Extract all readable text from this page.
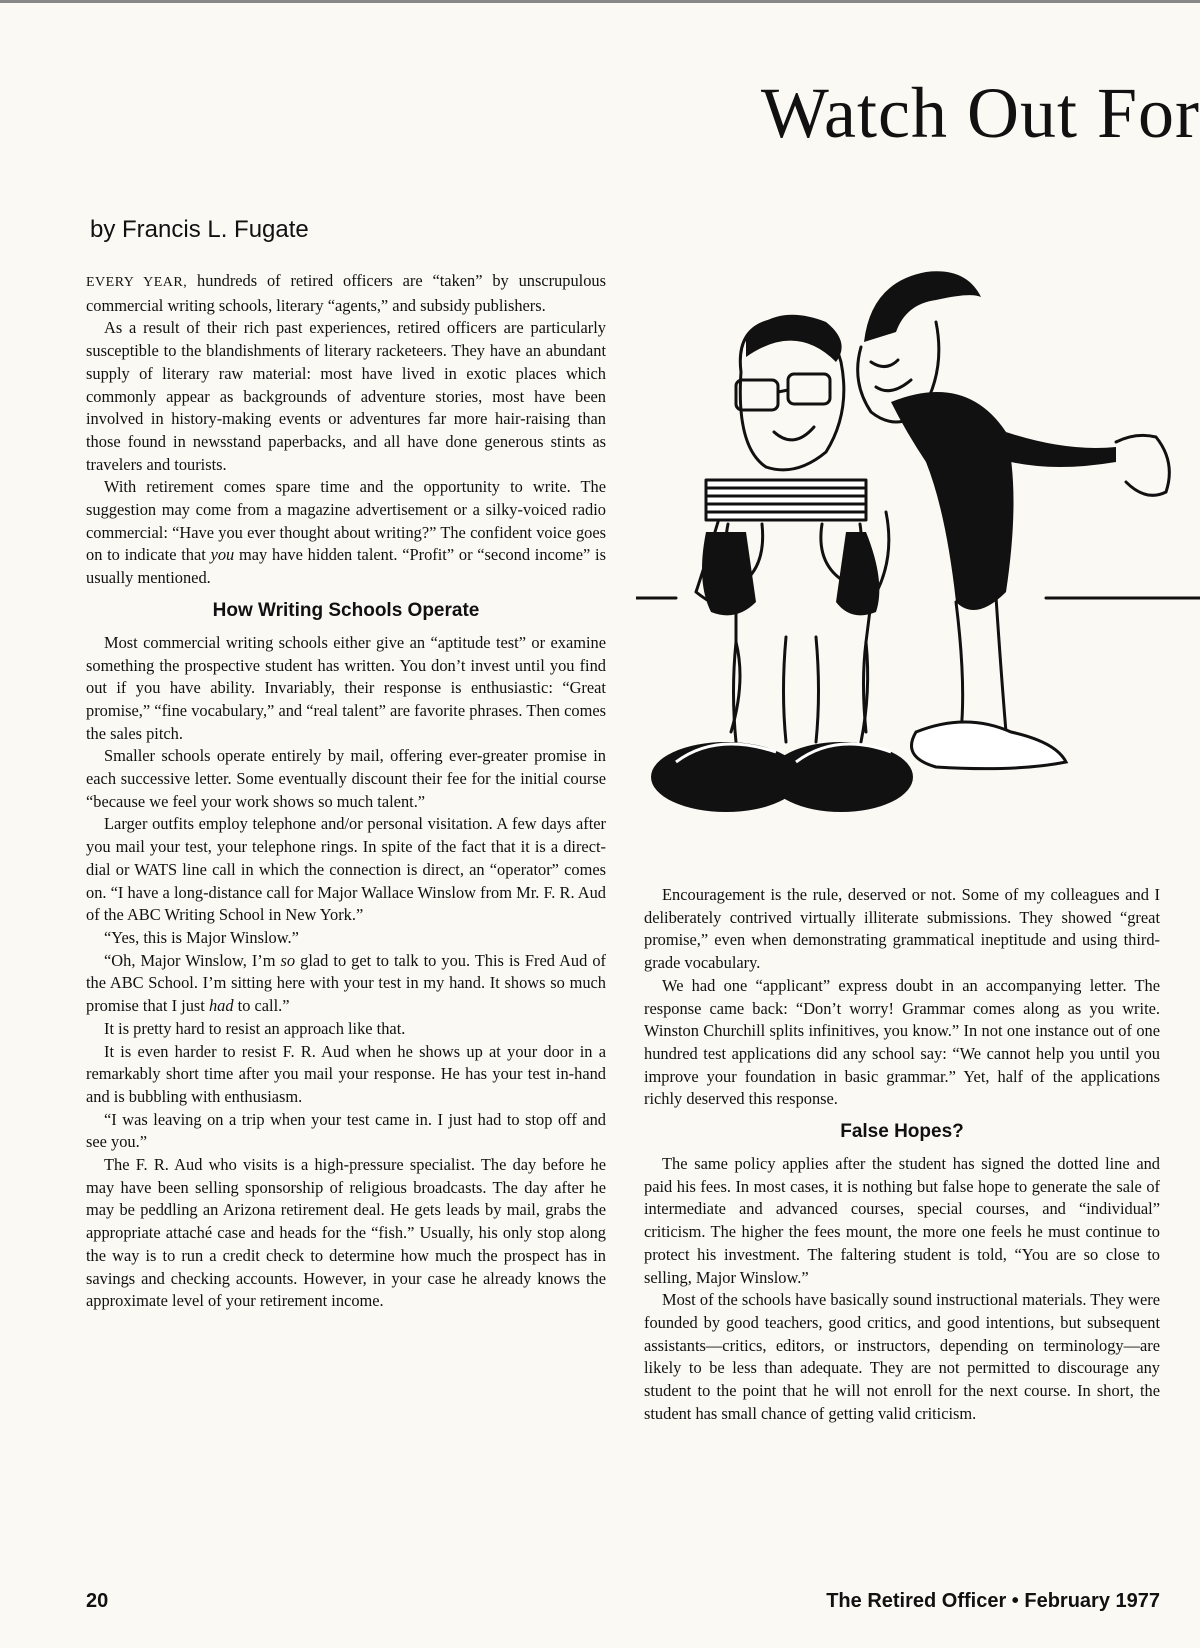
Watch Out For
by Francis L. Fugate

EVERY YEAR, hundreds of retired officers are “taken” by unscrupulous commercial writing schools, literary “agents,” and subsidy publishers.

As a result of their rich past experiences, retired officers are particularly susceptible to the blandishments of literary racketeers. They have an abundant supply of literary raw material: most have lived in exotic places which commonly appear as backgrounds of adventure stories, most have been involved in history-making events or adventures far more hair-raising than those found in newsstand paperbacks, and all have done generous stints as travelers and tourists.

With retirement comes spare time and the opportunity to write. The suggestion may come from a magazine advertisement or a silky-voiced radio commercial: “Have you ever thought about writing?” The confident voice goes on to indicate that you may have hidden talent. “Profit” or “second income” is usually mentioned.

How Writing Schools Operate

Most commercial writing schools either give an “aptitude test” or examine something the prospective student has written. You don’t invest until you find out if you have ability. Invariably, their response is enthusiastic: “Great promise,” “fine vocabulary,” and “real talent” are favorite phrases. Then comes the sales pitch.

Smaller schools operate entirely by mail, offering ever-greater promise in each successive letter. Some eventually discount their fee for the initial course “because we feel your work shows so much talent.”

Larger outfits employ telephone and/or personal visitation. A few days after you mail your test, your telephone rings. In spite of the fact that it is a direct-dial or WATS line call in which the connection is direct, an “operator” comes on. “I have a long-distance call for Major Wallace Winslow from Mr. F. R. Aud of the ABC Writing School in New York.”

“Yes, this is Major Winslow.”

“Oh, Major Winslow, I’m so glad to get to talk to you. This is Fred Aud of the ABC School. I’m sitting here with your test in my hand. It shows so much promise that I just had to call.”

It is pretty hard to resist an approach like that.

It is even harder to resist F. R. Aud when he shows up at your door in a remarkably short time after you mail your response. He has your test in-hand and is bubbling with enthusiasm.

“I was leaving on a trip when your test came in. I just had to stop off and see you.”

The F. R. Aud who visits is a high-pressure specialist. The day before he may have been selling sponsorship of religious broadcasts. The day after he may be peddling an Arizona retirement deal. He gets leads by mail, grabs the appropriate attaché case and heads for the “fish.” Usually, his only stop along the way is to run a credit check to determine how much the prospect has in savings and checking accounts. However, in your case he already knows the approximate level of your retirement income.

Encouragement is the rule, deserved or not. Some of my colleagues and I deliberately contrived virtually illiterate submissions. They showed “great promise,” even when demonstrating grammatical ineptitude and using third-grade vocabulary.

We had one “applicant” express doubt in an accompanying letter. The response came back: “Don’t worry! Grammar comes along as you write. Winston Churchill splits infinitives, you know.” In not one instance out of one hundred test applications did any school say: “We cannot help you until you improve your foundation in basic grammar.” Yet, half of the applications richly deserved this response.

False Hopes?

The same policy applies after the student has signed the dotted line and paid his fees. In most cases, it is nothing but false hope to generate the sale of intermediate and advanced courses, special courses, and “individual” criticism. The higher the fees mount, the more one feels he must continue to protect his investment. The faltering student is told, “You are so close to selling, Major Winslow.”

Most of the schools have basically sound instructional materials. They were founded by good teachers, good critics, and good intentions, but subsequent assistants—critics, editors, or instructors, depending on terminology—are likely to be less than adequate. They are not permitted to discourage any student to the point that he will not enroll for the next course. In short, the student has small chance of getting valid criticism.

20	The Retired Officer • February 1977
